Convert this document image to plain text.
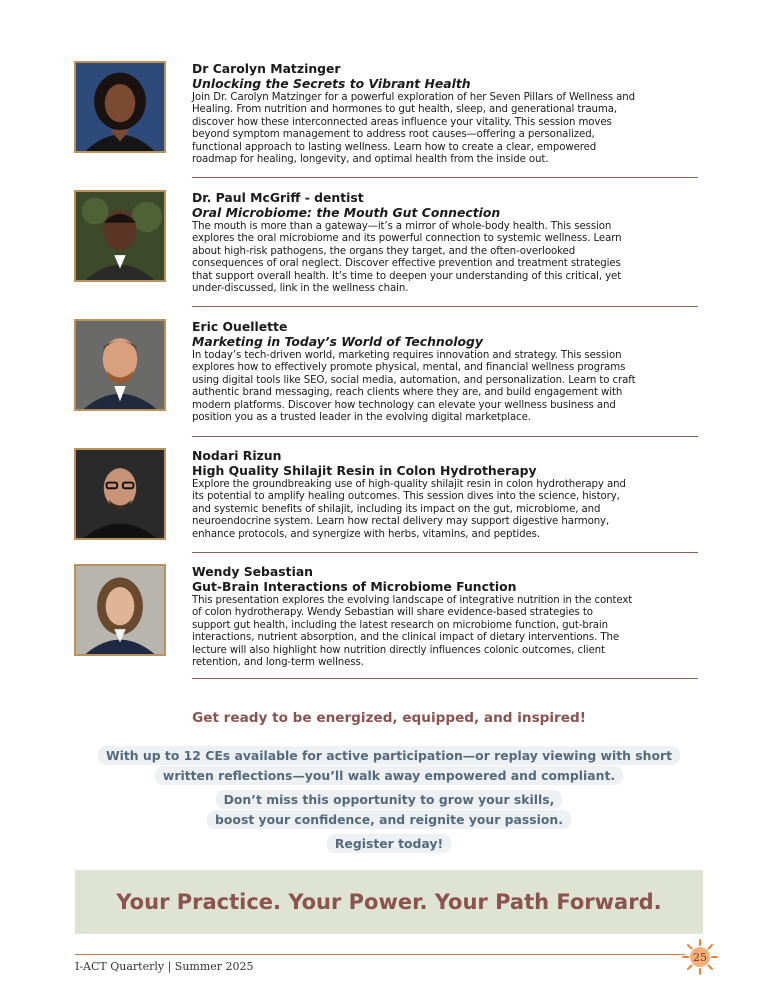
Dr Carolyn Matzinger

Unlocking the Secrets to Vibrant Health

Join Dr. Carolyn Matzinger for a powerful exploration of her Seven Pillars of Wellness and
Healing. From nutrition and hormones to gut health, sleep, and generational trauma,
discover how these interconnected areas influence your vitality. This session moves
beyond symptom management to address root causes—offering a personalized,
functional approach to lasting wellness. Learn how to create a clear, empowered
roadmap for healing, longevity, and optimal health from the inside out.

Dr. Paul McGriff - dentist

Oral Microbiome: the Mouth Gut Connection

The mouth is more than a gateway—it’s a mirror of whole-body health. This session
explores the oral microbiome and its powerful connection to systemic wellness. Learn
about high-risk pathogens, the organs they target, and the often-overlooked
consequences of oral neglect. Discover effective prevention and treatment strategies
that support overall health. It’s time to deepen your understanding of this critical, yet
under-discussed, link in the wellness chain.

Eric Ouellette

Marketing in Today’s World of Technology

In today’s tech-driven world, marketing requires innovation and strategy. This session
explores how to effectively promote physical, mental, and financial wellness programs
using digital tools like SEO, social media, automation, and personalization. Learn to craft
authentic brand messaging, reach clients where they are, and build engagement with
modern platforms. Discover how technology can elevate your wellness business and
position you as a trusted leader in the evolving digital marketplace.

Nodari Rizun

High Quality Shilajit Resin in Colon Hydrotherapy

Explore the groundbreaking use of high-quality shilajit resin in colon hydrotherapy and
its potential to amplify healing outcomes. This session dives into the science, history,
and systemic benefits of shilajit, including its impact on the gut, microbiome, and
neuroendocrine system. Learn how rectal delivery may support digestive harmony,
enhance protocols, and synergize with herbs, vitamins, and peptides.

Wendy Sebastian

Gut-Brain Interactions of Microbiome Function

This presentation explores the evolving landscape of integrative nutrition in the context
of colon hydrotherapy. Wendy Sebastian will share evidence-based strategies to
support gut health, including the latest research on microbiome function, gut-brain
interactions, nutrient absorption, and the clinical impact of dietary interventions. The
lecture will also highlight how nutrition directly influences colonic outcomes, client
retention, and long-term wellness.
Get ready to be energized, equipped, and inspired!
With up to 12 CEs available for active participation—or replay viewing with short
written reflections—you’ll walk away empowered and compliant.
Don’t miss this opportunity to grow your skills,
boost your confidence, and reignite your passion.
Register today!
Your Practice. Your Power. Your Path Forward.
I-ACT Quarterly | Summer 2025
25
